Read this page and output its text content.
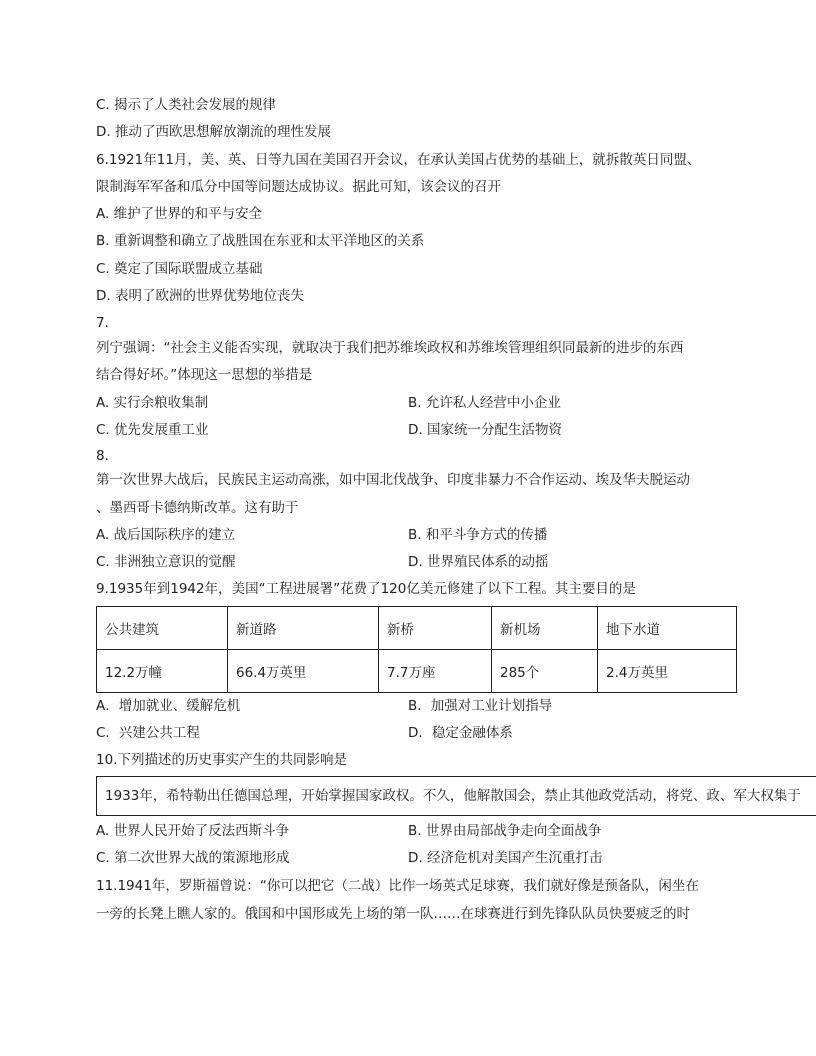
C. 揭示了人类社会发展的规律
D. 推动了西欧思想解放潮流的理性发展
6.1921年11月，美、英、日等九国在美国召开会议，在承认美国占优势的基础上，就拆散英日同盟、
限制海军军备和瓜分中国等问题达成协议。据此可知，该会议的召开
A. 维护了世界的和平与安全
B. 重新调整和确立了战胜国在东亚和太平洋地区的关系
C. 奠定了国际联盟成立基础
D. 表明了欧洲的世界优势地位丧失
7.
列宁强调：“社会主义能否实现，就取决于我们把苏维埃政权和苏维埃管理组织同最新的进步的东西
结合得好坏。”体现这一思想的举措是
A. 实行余粮收集制	B. 允许私人经营中小企业
C. 优先发展重工业	D. 国家统一分配生活物资
8.
第一次世界大战后，民族民主运动高涨，如中国北伐战争、印度非暴力不合作运动、埃及华夫脱运动
、墨西哥卡德纳斯改革。这有助于
A. 战后国际秩序的建立	B. 和平斗争方式的传播
C. 非洲独立意识的觉醒	D. 世界殖民体系的动摇
9.1935年到1942年，美国“工程进展署”花费了120亿美元修建了以下工程。其主要目的是
公共建筑	新道路	新桥	新机场	地下水道
12.2万幢	66.4万英里	7.7万座	285个	2.4万英里
A．增加就业、缓解危机	B．加强对工业计划指导
C．兴建公共工程	D．稳定金融体系
10.下列描述的历史事实产生的共同影响是
1933年，希特勒出任德国总理，开始掌握国家政权。不久，他解散国会，禁止其他政党活动，将党、政、军大权集于
A. 世界人民开始了反法西斯斗争	B. 世界由局部战争走向全面战争
C. 第二次世界大战的策源地形成	D. 经济危机对美国产生沉重打击
11.1941年，罗斯福曾说：“你可以把它（二战）比作一场英式足球赛，我们就好像是预备队，闲坐在
一旁的长凳上瞧人家的。俄国和中国形成先上场的第一队……在球赛进行到先锋队队员快要疲乏的时
